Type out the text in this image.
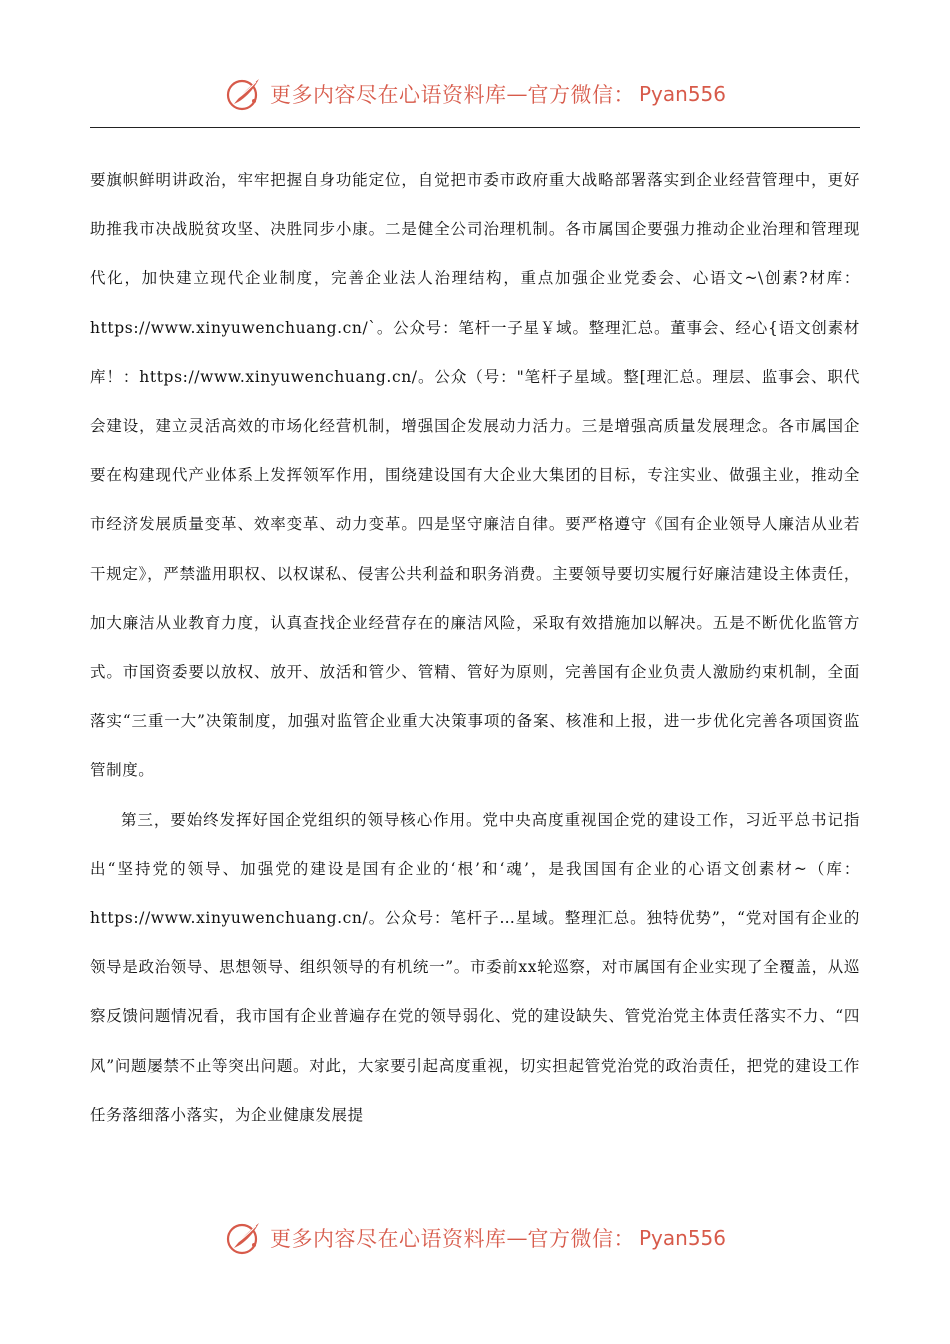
更多内容尽在心语资料库 — 官方微信： Pyan556

要旗帜鲜明讲政治，牢牢把握自身功能定位，自觉把市委市政府重大战略部署落实到企业经营管理中，更好助推我市决战脱贫攻坚、决胜同步小康。二是健全公司治理机制。各市属国企要强力推动企业治理和管理现代化，加快建立现代企业制度，完善企业法人治理结构，重点加强企业党委会、心语文~\创素?材库：https://www.xinyuwenchuang.cn/`。公众号：笔杆一子星￥域。整理汇总。董事会、经心{语文创素材库！：https://www.xinyuwenchuang.cn/。公众（号："笔杆子星域。整[理汇总。理层、监事会、职代会建设，建立灵活高效的市场化经营机制，增强国企发展动力活力。三是增强高质量发展理念。各市属国企要在构建现代产业体系上发挥领军作用，围绕建设国有大企业大集团的目标，专注实业、做强主业，推动全市经济发展质量变革、效率变革、动力变革。四是坚守廉洁自律。要严格遵守《国有企业领导人廉洁从业若干规定》，严禁滥用职权、以权谋私、侵害公共利益和职务消费。主要领导要切实履行好廉洁建设主体责任，加大廉洁从业教育力度，认真查找企业经营存在的廉洁风险，采取有效措施加以解决。五是不断优化监管方式。市国资委要以放权、放开、放活和管少、管精、管好为原则，完善国有企业负责人激励约束机制，全面落实“三重一大”决策制度，加强对监管企业重大决策事项的备案、核准和上报，进一步优化完善各项国资监管制度。

第三，要始终发挥好国企党组织的领导核心作用。党中央高度重视国企党的建设工作，习近平总书记指出“坚持党的领导、加强党的建设是国有企业的‘根’和‘魂’，是我国国有企业的心语文创素材~（库：https://www.xinyuwenchuang.cn/。公众号：笔杆子…星域。整理汇总。独特优势”，“党对国有企业的领导是政治领导、思想领导、组织领导的有机统一”。市委前xx轮巡察，对市属国有企业实现了全覆盖，从巡察反馈问题情况看，我市国有企业普遍存在党的领导弱化、党的建设缺失、管党治党主体责任落实不力、“四风”问题屡禁不止等突出问题。对此，大家要引起高度重视，切实担起管党治党的政治责任，把党的建设工作任务落细落小落实，为企业健康发展提

更多内容尽在心语资料库 — 官方微信： Pyan556
